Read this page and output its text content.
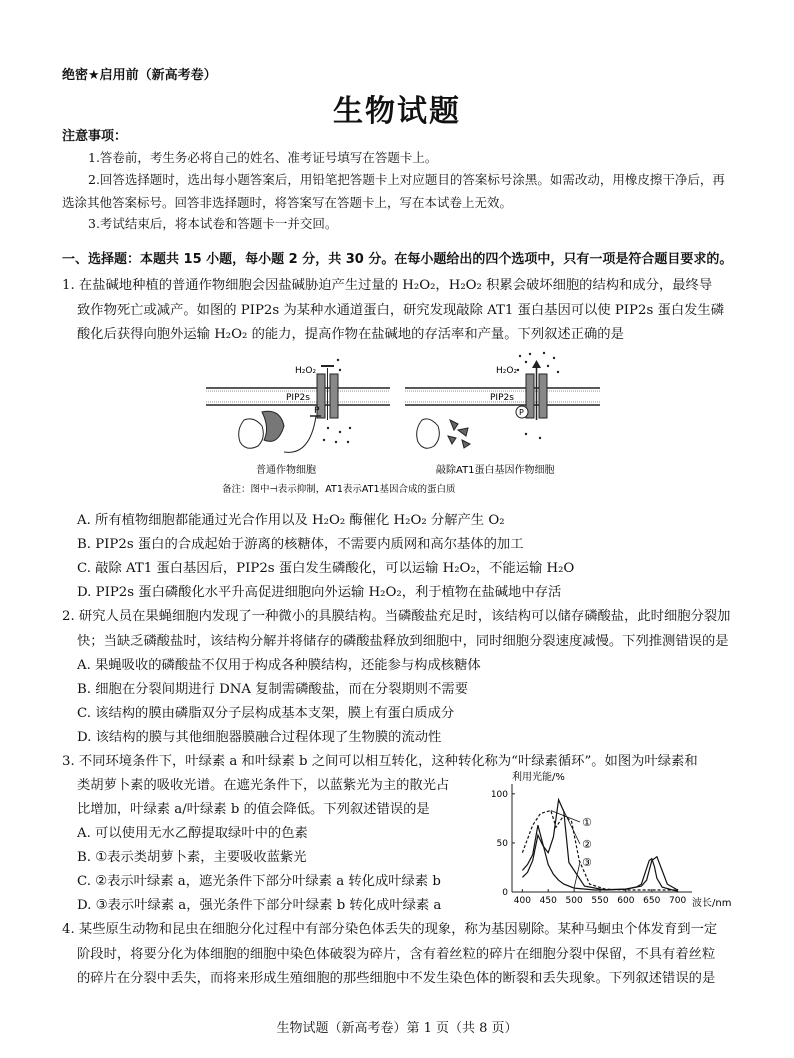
绝密★启用前（新高考卷）
生物试题
注意事项：
1.答卷前，考生务必将自己的姓名、准考证号填写在答题卡上。
2.回答选择题时，选出每小题答案后，用铅笔把答题卡上对应题目的答案标号涂黑。如需改动，用橡皮擦干净后，再选涂其他答案标号。回答非选择题时，将答案写在答题卡上，写在本试卷上无效。
3.考试结束后，将本试卷和答题卡一并交回。
一、选择题：本题共 15 小题，每小题 2 分，共 30 分。在每小题给出的四个选项中，只有一项是符合题目要求的。
1. 在盐碱地种植的普通作物细胞会因盐碱胁迫产生过量的 H₂O₂，H₂O₂ 积累会破坏细胞的结构和成分，最终导
致作物死亡或减产。如图的 PIP2s 为某种水通道蛋白，研究发现敲除 AT1 蛋白基因可以使 PIP2s 蛋白发生磷
酸化后获得向胞外运输 H₂O₂ 的能力，提高作物在盐碱地的存活率和产量。下列叙述正确的是
H₂O₂
PIP2s
P
H₂O₂
PIP2s
P
普通作物细胞	敲除AT1蛋白基因作物细胞
备注：图中⊣表示抑制，AT1表示AT1基因合成的蛋白质
A. 所有植物细胞都能通过光合作用以及 H₂O₂ 酶催化 H₂O₂ 分解产生 O₂
B. PIP2s 蛋白的合成起始于游离的核糖体，不需要内质网和高尔基体的加工
C. 敲除 AT1 蛋白基因后，PIP2s 蛋白发生磷酸化，可以运输 H₂O₂，不能运输 H₂O
D. PIP2s 蛋白磷酸化水平升高促进细胞向外运输 H₂O₂，利于植物在盐碱地中存活
2. 研究人员在果蝇细胞内发现了一种微小的具膜结构。当磷酸盐充足时，该结构可以储存磷酸盐，此时细胞分裂加
快；当缺乏磷酸盐时，该结构分解并将储存的磷酸盐释放到细胞中，同时细胞分裂速度减慢。下列推测错误的是
A. 果蝇吸收的磷酸盐不仅用于构成各种膜结构，还能参与构成核糖体
B. 细胞在分裂间期进行 DNA 复制需磷酸盐，而在分裂期则不需要
C. 该结构的膜由磷脂双分子层构成基本支架，膜上有蛋白质成分
D. 该结构的膜与其他细胞器膜融合过程体现了生物膜的流动性
3. 不同环境条件下，叶绿素 a 和叶绿素 b 之间可以相互转化，这种转化称为“叶绿素循环”。如图为叶绿素和
类胡萝卜素的吸收光谱。在遮光条件下，以蓝紫光为主的散光占
比增加，叶绿素 a/叶绿素 b 的值会降低。下列叙述错误的是
A. 可以使用无水乙醇提取绿叶中的色素
B. ①表示类胡萝卜素，主要吸收蓝紫光
C. ②表示叶绿素 a，遮光条件下部分叶绿素 a 转化成叶绿素 b
D. ③表示叶绿素 a，强光条件下部分叶绿素 b 转化成叶绿素 a
利用光能/%
波长/nm
0
50
100
400 450 500 550 600 650 700
①
②
③
4. 某些原生动物和昆虫在细胞分化过程中有部分染色体丢失的现象，称为基因剔除。某种马蛔虫个体发育到一定
阶段时，将要分化为体细胞的细胞中染色体破裂为碎片，含有着丝粒的碎片在细胞分裂中保留，不具有着丝粒
的碎片在分裂中丢失，而将来形成生殖细胞的那些细胞中不发生染色体的断裂和丢失现象。下列叙述错误的是
生物试题（新高考卷）第 1 页（共 8 页）
